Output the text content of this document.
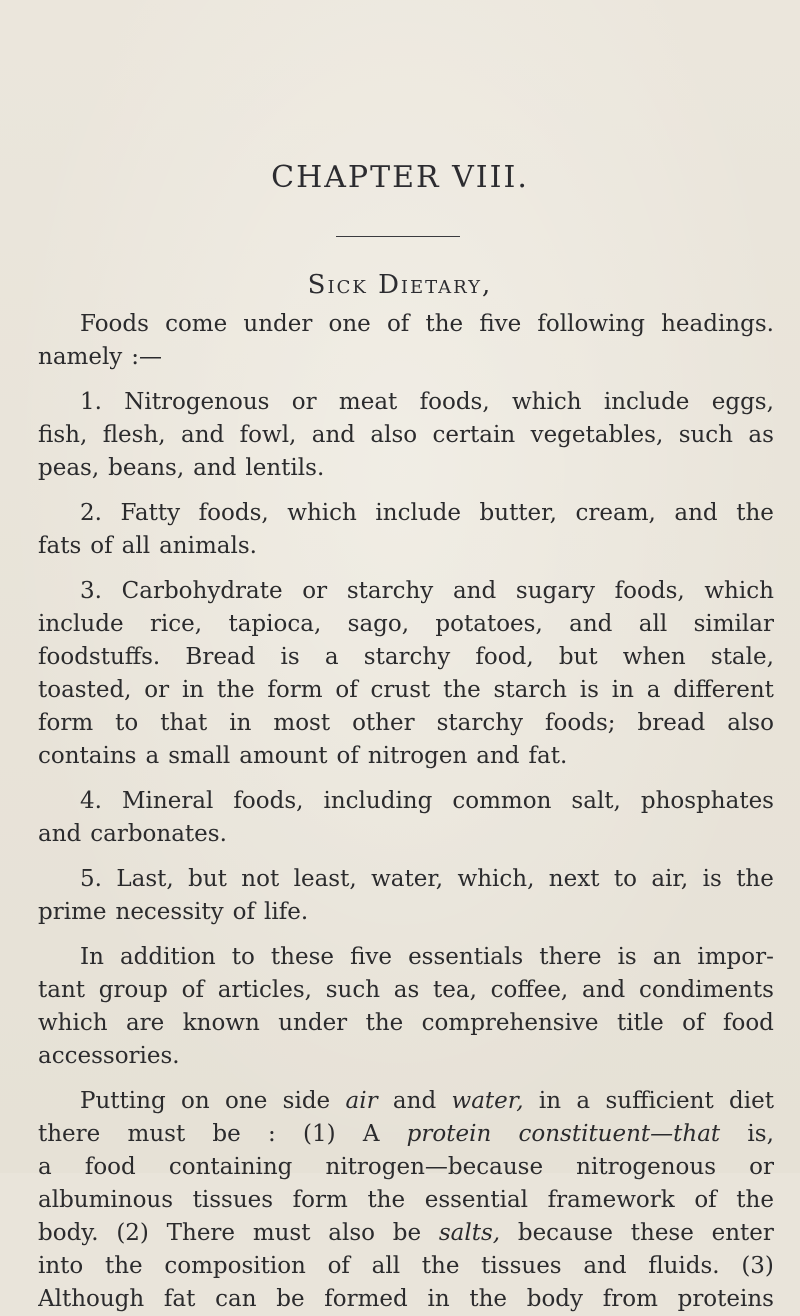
CHAPTER VIII.
Sick Dietary,
Foods come under one of the five following headings.
namely :—
1. Nitrogenous or meat foods, which include eggs,
fish, flesh, and fowl, and also certain vegetables, such as
peas, beans, and lentils.
2. Fatty foods, which include butter, cream, and the
fats of all animals.
3. Carbohydrate or starchy and sugary foods, which
include rice, tapioca, sago, potatoes, and all similar
foodstuffs. Bread is a starchy food, but when stale,
toasted, or in the form of crust the starch is in a different
form to that in most other starchy foods; bread also
contains a small amount of nitrogen and fat.
4. Mineral foods, including common salt, phosphates
and carbonates.
5. Last, but not least, water, which, next to air, is the
prime necessity of life.
In addition to these five essentials there is an impor-
tant group of articles, such as tea, coffee, and condiments
which are known under the comprehensive title of food
accessories.
Putting on one side air and water, in a sufficient diet
there must be : (1) A protein constituent—that is,
a food containing nitrogen—because nitrogenous or
albuminous tissues form the essential framework of the
body. (2) There must also be salts, because these enter
into the composition of all the tissues and fluids. (3)
Although fat can be formed in the body from proteins
